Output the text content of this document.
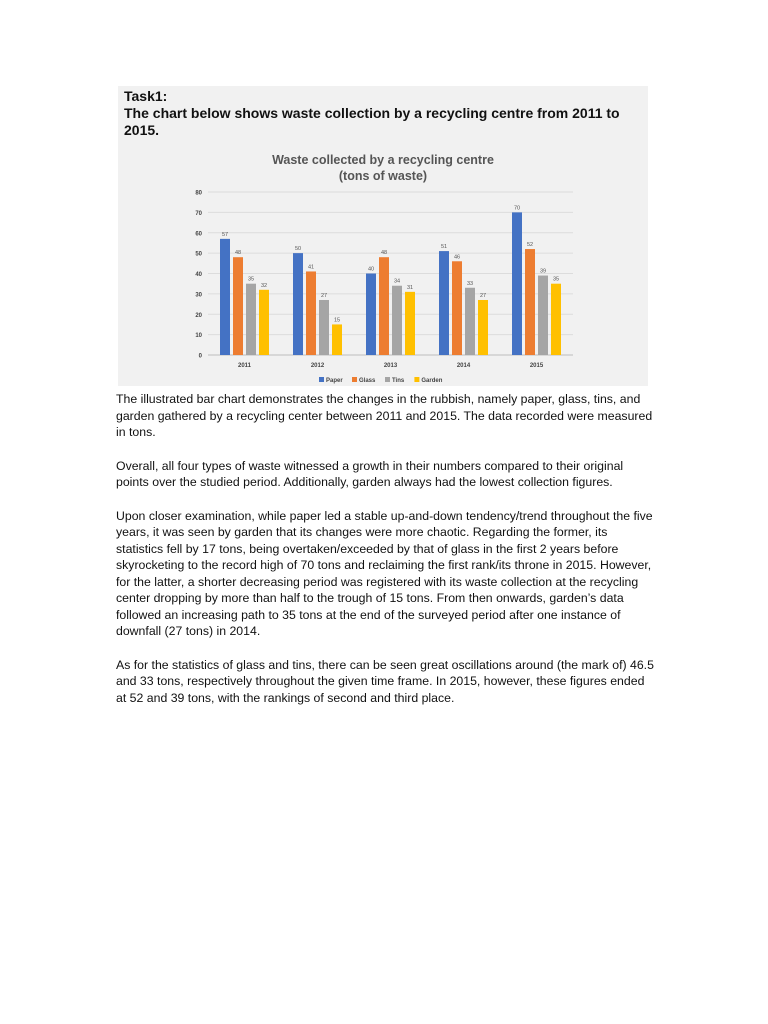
Task1:
The chart below shows waste collection by a recycling centre from 2011 to 2015.
Waste collected by a recycling centre
(tons of waste)
0
10
20
30
40
50
60
70
80
57
48
35
32
2011
50
41
27
15
2012
40
48
34
31
2013
51
46
33
27
2014
70
52
39
35
2015
Paper	Glass	Tins	Garden

The illustrated bar chart demonstrates the changes in the rubbish, namely paper, glass, tins, and garden gathered by a recycling center between 2011 and 2015. The data recorded were measured in tons.

Overall, all four types of waste witnessed a growth in their numbers compared to their original points over the studied period. Additionally, garden always had the lowest collection figures.

Upon closer examination, while paper led a stable up-and-down tendency/trend throughout the five years, it was seen by garden that its changes were more chaotic. Regarding the former, its statistics fell by 17 tons, being overtaken/exceeded by that of glass in the first 2 years before skyrocketing to the record high of 70 tons and reclaiming the first rank/its throne in 2015. However, for the latter, a shorter decreasing period was registered with its waste collection at the recycling center dropping by more than half to the trough of 15 tons. From then onwards, garden’s data followed an increasing path to 35 tons at the end of the surveyed period after one instance of downfall (27 tons) in 2014.

As for the statistics of glass and tins, there can be seen great oscillations around (the mark of) 46.5 and 33 tons, respectively throughout the given time frame. In 2015, however, these figures ended at 52 and 39 tons, with the rankings of second and third place.
